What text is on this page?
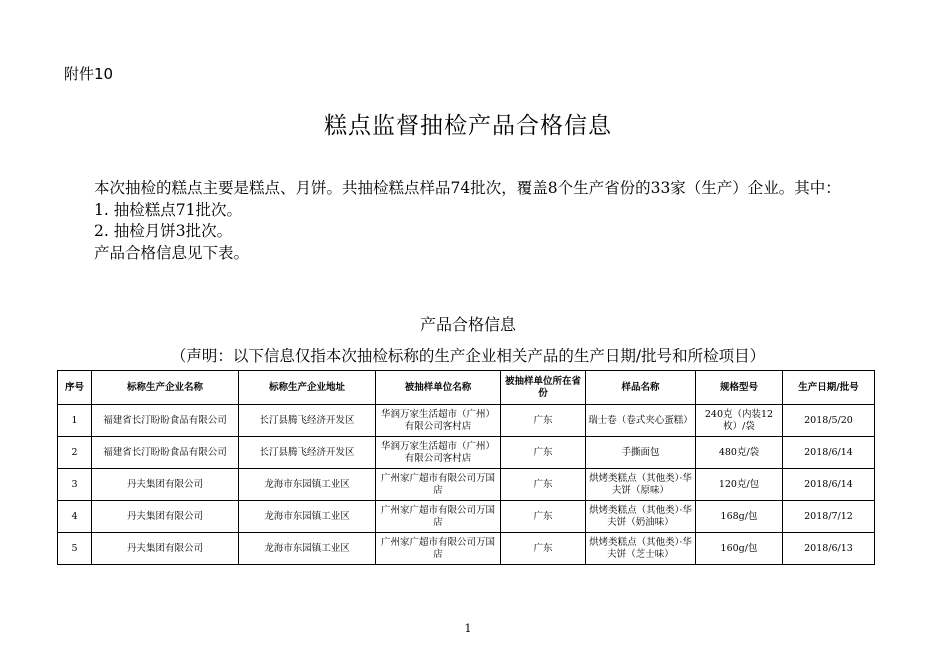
附件10
糕点监督抽检产品合格信息

本次抽检的糕点主要是糕点、月饼。共抽检糕点样品74批次，覆盖8个生产省份的33家（生产）企业。其中：

1. 抽检糕点71批次。

2. 抽检月饼3批次。

产品合格信息见下表。

产品合格信息
（声明：以下信息仅指本次抽检标称的生产企业相关产品的生产日期/批号和所检项目）
序号	标称生产企业名称	标称生产企业地址	被抽样单位名称	被抽样单位所在省份	样品名称	规格型号	生产日期/批号
1	福建省长汀盼盼食品有限公司	长汀县腾飞经济开发区	华润万家生活超市（广州）有限公司客村店	广东	瑞士卷（卷式夹心蛋糕）	240克（内装12枚）/袋	2018/5/20
2	福建省长汀盼盼食品有限公司	长汀县腾飞经济开发区	华润万家生活超市（广州）有限公司客村店	广东	手撕面包	480克/袋	2018/6/14
3	丹夫集团有限公司	龙海市东园镇工业区	广州家广超市有限公司万国店	广东	烘烤类糕点（其他类）·华夫饼（原味）	120克/包	2018/6/14
4	丹夫集团有限公司	龙海市东园镇工业区	广州家广超市有限公司万国店	广东	烘烤类糕点（其他类）·华夫饼（奶油味）	168g/包	2018/7/12
5	丹夫集团有限公司	龙海市东园镇工业区	广州家广超市有限公司万国店	广东	烘烤类糕点（其他类）·华夫饼（芝士味）	160g/包	2018/6/13
1
